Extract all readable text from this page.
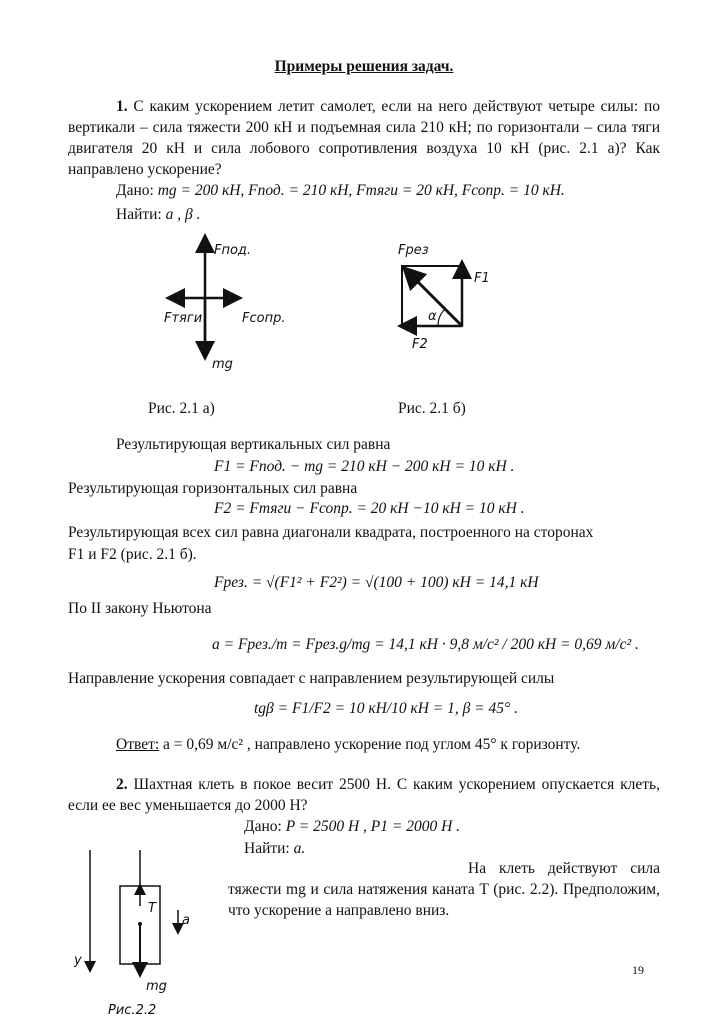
Примеры решения задач.
1. С каким ускорением летит самолет, если на него действуют четыре силы: по вертикали – сила тяжести 200 кН и подъемная сила 210 кН; по горизонтали – сила тяги двигателя 20 кН и сила лобового сопротивления воздуха 10 кН (рис. 2.1 а)? Как направлено ускорение?
Дано: mg = 200 кН, Fпод. = 210 кН, Fтяги = 20 кН, Fсопр. = 10 кН.
Найти: a , β .
Fпод.
Fтяги	Fсопр.
mg
Fрез
F1
F2
α
Рис. 2.1 а)	Рис. 2.1 б)
Результирующая вертикальных сил равна
F1 = Fпод. − mg = 210 кН − 200 кН = 10 кН .
Результирующая горизонтальных сил равна
F2 = Fтяги − Fсопр. = 20 кН −10 кН = 10 кН .
Результирующая всех сил равна диагонали квадрата, построенного на сторонах
F1 и F2 (рис. 2.1 б).
Fрез. = √(F1² + F2²) = √(100 + 100) кН = 14,1 кН
По II закону Ньютона
a = Fрез./m = Fрез.g/mg = 14,1 кН · 9,8 м/с² / 200 кН = 0,69 м/с² .
Направление ускорения совпадает с направлением результирующей силы
tgβ = F1/F2 = 10 кН/10 кН = 1, β = 45° .
Ответ: a = 0,69 м/с² , направлено ускорение под углом 45° к горизонту.
2. Шахтная клеть в покое весит 2500 Н. С каким ускорением опускается клеть, если ее вес уменьшается до 2000 Н?
Дано: P = 2500 Н , P1 = 2000 Н .
Найти: a.
На клеть действуют сила тяжести mg и сила натяжения каната T (рис. 2.2). Предположим, что ускорение a направлено вниз.
T
a
y
mg
Рис.2.2
19
